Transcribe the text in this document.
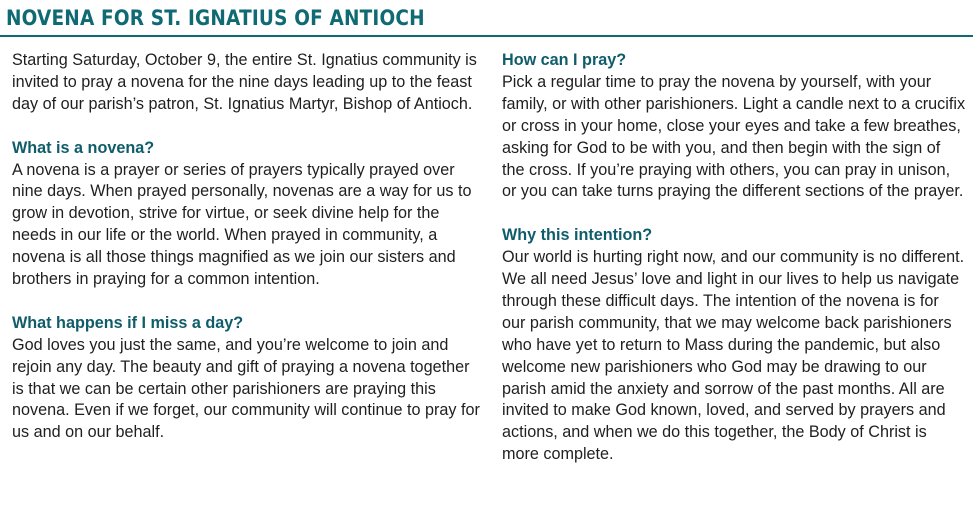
NOVENA FOR ST. IGNATIUS OF ANTIOCH

Starting Saturday, October 9, the entire St. Ignatius community is invited to pray a novena for the nine days leading up to the feast day of our parish’s patron, St. Ignatius Martyr, Bishop of Antioch.

What is a novena?

A novena is a prayer or series of prayers typically prayed over nine days. When prayed personally, novenas are a way for us to grow in devotion, strive for virtue, or seek divine help for the needs in our life or the world. When prayed in community, a novena is all those things magnified as we join our sisters and brothers in praying for a common intention.

What happens if I miss a day?

God loves you just the same, and you’re welcome to join and rejoin any day. The beauty and gift of praying a novena together is that we can be certain other parishioners are praying this novena. Even if we forget, our community will continue to pray for us and on our behalf.

How can I pray?

Pick a regular time to pray the novena by yourself, with your family, or with other parishioners. Light a candle next to a crucifix or cross in your home, close your eyes and take a few breathes, asking for God to be with you, and then begin with the sign of the cross. If you’re praying with others, you can pray in unison, or you can take turns praying the different sections of the prayer.

Why this intention?

Our world is hurting right now, and our community is no different. We all need Jesus’ love and light in our lives to help us navigate through these difficult days. The intention of the novena is for our parish community, that we may welcome back parishioners who have yet to return to Mass during the pandemic, but also welcome new parishioners who God may be drawing to our parish amid the anxiety and sorrow of the past months. All are invited to make God known, loved, and served by prayers and actions, and when we do this together, the Body of Christ is more complete.
